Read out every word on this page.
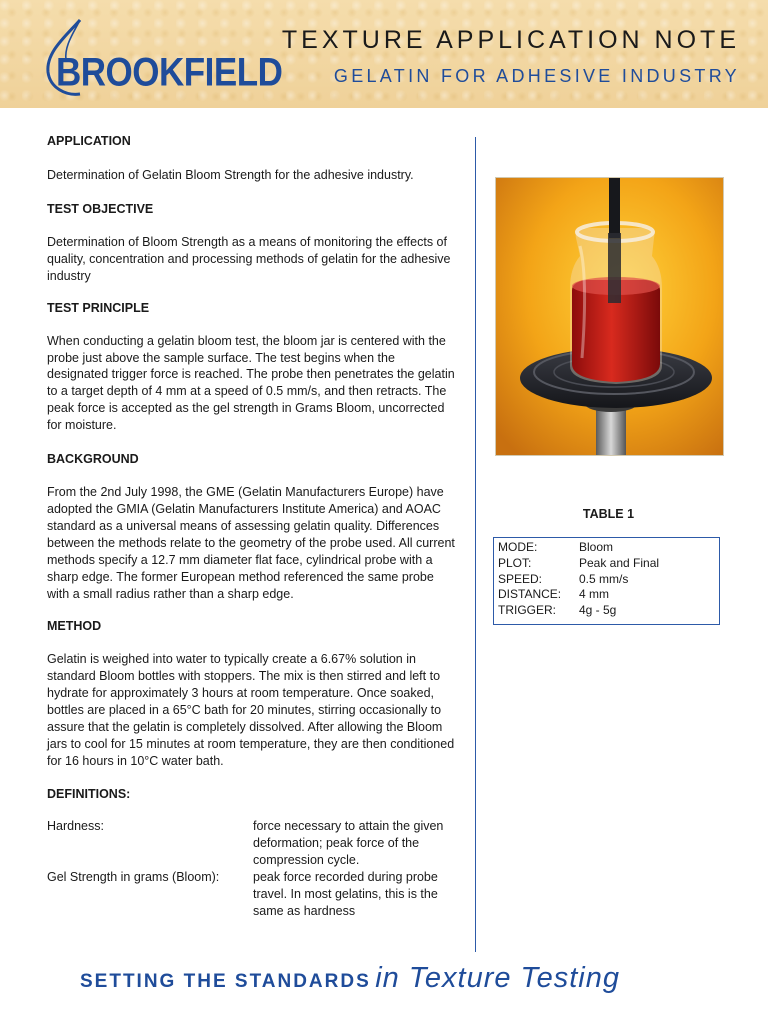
BROOKFIELD
TEXTURE APPLICATION NOTE
GELATIN FOR ADHESIVE INDUSTRY

APPLICATION

Determination of Gelatin Bloom Strength for the adhesive industry.

TEST OBJECTIVE

Determination of Bloom Strength as a means of monitoring the effects of quality, concentration and processing methods of gelatin for the adhesive industry

TEST PRINCIPLE

When conducting a gelatin bloom test, the bloom jar is centered with the probe just above the sample surface. The test begins when the designated trigger force is reached. The probe then penetrates the gelatin to a target depth of 4 mm at a speed of 0.5 mm/s, and then retracts. The peak force is accepted as the gel strength in Grams Bloom, uncorrected for moisture.

BACKGROUND

From the 2nd July 1998, the GME (Gelatin Manufacturers Europe) have adopted the GMIA (Gelatin Manufacturers Institute America) and AOAC standard as a universal means of assessing gelatin quality. Differences between the methods relate to the geometry of the probe used. All current methods specify a 12.7 mm diameter flat face, cylindrical probe with a sharp edge. The former European method referenced the same probe with a small radius rather than a sharp edge.

METHOD

Gelatin is weighed into water to typically create a 6.67% solution in standard Bloom bottles with stoppers. The mix is then stirred and left to hydrate for approximately 3 hours at room temperature. Once soaked, bottles are placed in a 65°C bath for 20 minutes, stirring occasionally to assure that the gelatin is completely dissolved. After allowing the Bloom jars to cool for 15 minutes at room temperature, they are then conditioned for 16 hours in 10°C water bath.

DEFINITIONS:

Hardness:	force necessary to attain the given deformation; peak force of the compression cycle.
Gel Strength in grams (Bloom):	peak force recorded during probe travel. In most gelatins, this is the same as hardness
TABLE 1
MODE:	Bloom
PLOT:	Peak and Final
SPEED:	0.5 mm/s
DISTANCE:	4 mm
TRIGGER:	4g - 5g
SETTING THE STANDARDS in Texture Testing
